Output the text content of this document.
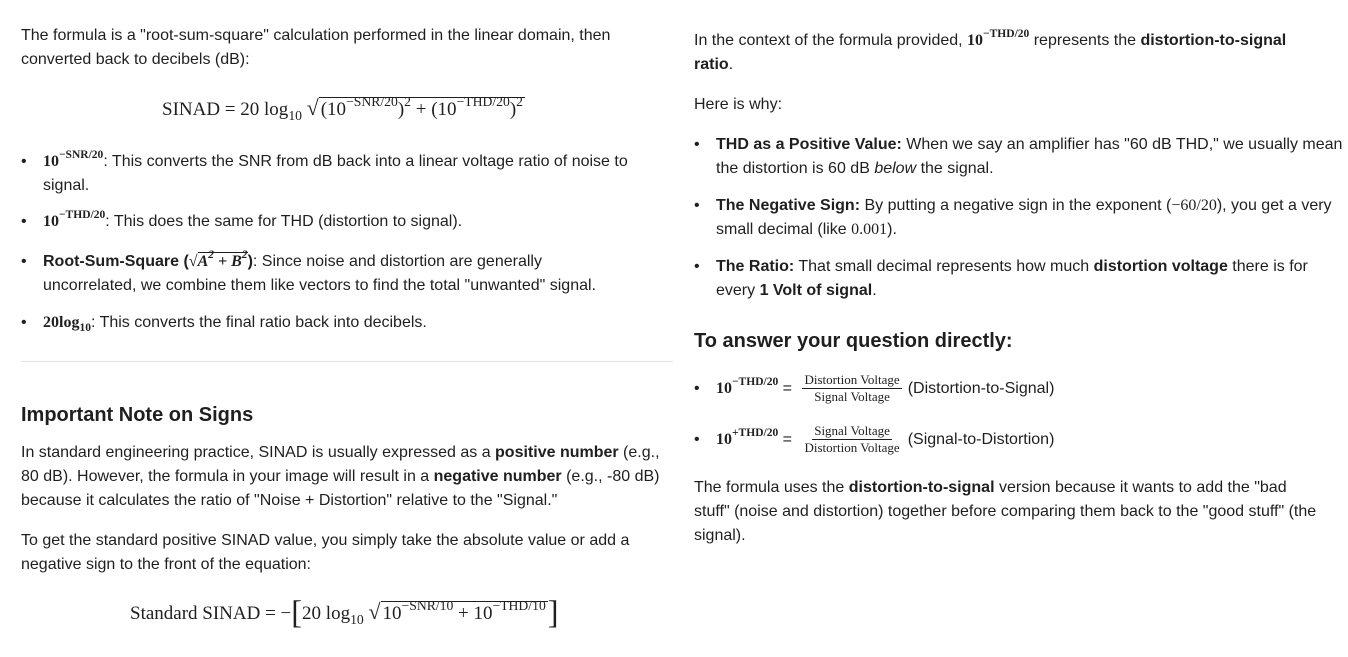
The formula is a "root-sum-square" calculation performed in the linear domain, then converted back to decibels (dB):

SINAD = 20 $\log_{10}$ √ $(10^{-SNR/20})^2 + (10^{-THD/20})^2$
• $10^{-SNR/20}$: This converts the SNR from dB back into a linear voltage ratio of noise to signal.
• $10^{-THD/20}$: This does the same for THD (distortion to signal).
• Root-Sum-Square $(√A^2 + B^2)$: Since noise and distortion are generally uncorrelated, we combine them like vectors to find the total "unwanted" signal.
• $20\log_{10}$: This converts the final ratio back into decibels.
Important Note on Signs

In standard engineering practice, SINAD is usually expressed as a positive number (e.g., 80 dB). However, the formula in your image will result in a negative number (e.g., -80 dB) because it calculates the ratio of "Noise + Distortion" relative to the "Signal."

To get the standard positive SINAD value, you simply take the absolute value or add a negative sign to the front of the equation:

Standard SINAD = −[20 $\log_{10}$ √ $10^{-SNR/10} + 10^{-THD/10}$]

In the context of the formula provided, $10^{-THD/20}$ represents the distortion-to-signal ratio.

Here is why:

• THD as a Positive Value: When we say an amplifier has "60 dB THD," we usually mean the distortion is 60 dB below the signal.
• The Negative Sign: By putting a negative sign in the exponent (−60/20), you get a very small decimal (like 0.001).
• The Ratio: That small decimal represents how much distortion voltage there is for every 1 Volt of signal.
To answer your question directly:
• $10^{-THD/20} = \frac{\text{Distortion Voltage}}{\text{Signal Voltage}}$ (Distortion-to-Signal)
• $10^{+THD/20} = \frac{\text{Signal Voltage}}{\text{Distortion Voltage}}$ (Signal-to-Distortion)

The formula uses the distortion-to-signal version because it wants to add the "bad stuff" (noise and distortion) together before comparing them back to the "good stuff" (the signal).
